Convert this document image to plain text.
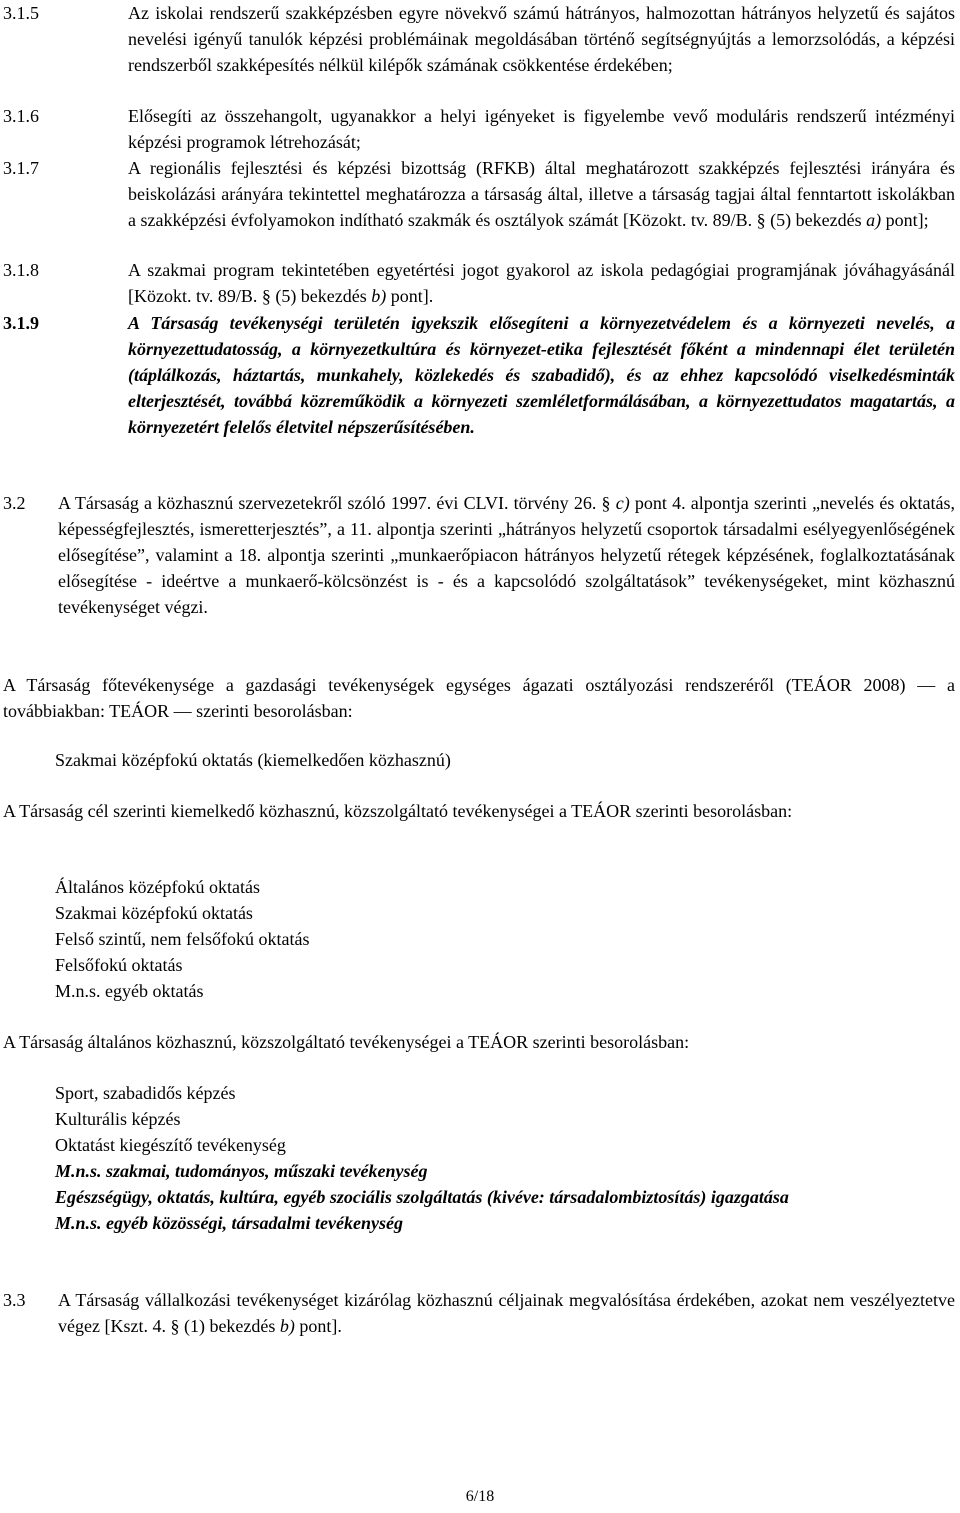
3.1.5	Az iskolai rendszerű szakképzésben egyre növekvő számú hátrányos, halmozottan hátrányos helyzetű és sajátos nevelési igényű tanulók képzési problémáinak megoldásában történő segítségnyújtás a lemorzsolódás, a képzési rendszerből szakképesítés nélkül kilépők számának csökkentése érdekében;
3.1.6	Elősegíti az összehangolt, ugyanakkor a helyi igényeket is figyelembe vevő moduláris rendszerű intézményi képzési programok létrehozását;
3.1.7	A regionális fejlesztési és képzési bizottság (RFKB) által meghatározott szakképzés fejlesztési irányára és beiskolázási arányára tekintettel meghatározza a társaság által, illetve a társaság tagjai által fenntartott iskolákban a szakképzési évfolyamokon indítható szakmák és osztályok számát [Közokt. tv. 89/B. § (5) bekezdés a) pont];
3.1.8	A szakmai program tekintetében egyetértési jogot gyakorol az iskola pedagógiai programjának jóváhagyásánál [Közokt. tv. 89/B. § (5) bekezdés b) pont].
3.1.9	A Társaság tevékenységi területén igyekszik elősegíteni a környezetvédelem és a környezeti nevelés, a környezettudatosság, a környezetkultúra és környezet-etika fejlesztését főként a mindennapi élet területén (táplálkozás, háztartás, munkahely, közlekedés és szabadidő), és az ehhez kapcsolódó viselkedésminták elterjesztését, továbbá közreműködik a környezeti szemléletformálásában, a környezettudatos magatartás, a környezetért felelős életvitel népszerűsítésében.
3.2 A Társaság a közhasznú szervezetekről szóló 1997. évi CLVI. törvény 26. § c) pont 4. alpontja szerinti „nevelés és oktatás, képességfejlesztés, ismeretterjesztés”, a 11. alpontja szerinti „hátrányos helyzetű csoportok társadalmi esélyegyenlőségének elősegítése”, valamint a 18. alpontja szerinti „munkaerőpiacon hátrányos helyzetű rétegek képzésének, foglalkoztatásának elősegítése - ideértve a munkaerő-kölcsönzést is - és a kapcsolódó szolgáltatások” tevékenységeket, mint közhasznú tevékenységet végzi.
A Társaság főtevékenysége a gazdasági tevékenységek egységes ágazati osztályozási rendszeréről (TEÁOR 2008) — a továbbiakban: TEÁOR — szerinti besorolásban:
Szakmai középfokú oktatás (kiemelkedően közhasznú)
A Társaság cél szerinti kiemelkedő közhasznú, közszolgáltató tevékenységei a TEÁOR szerinti besorolásban:
Általános középfokú oktatás
Szakmai középfokú oktatás
Felső szintű, nem felsőfokú oktatás
Felsőfokú oktatás
M.n.s. egyéb oktatás
A Társaság általános közhasznú, közszolgáltató tevékenységei a TEÁOR szerinti besorolásban:
Sport, szabadidős képzés
Kulturális képzés
Oktatást kiegészítő tevékenység
M.n.s. szakmai, tudományos, műszaki tevékenység
Egészségügy, oktatás, kultúra, egyéb szociális szolgáltatás (kivéve: társadalombiztosítás) igazgatása
M.n.s. egyéb közösségi, társadalmi tevékenység
3.3 A Társaság vállalkozási tevékenységet kizárólag közhasznú céljainak megvalósítása érdekében, azokat nem veszélyeztetve végez [Kszt. 4. § (1) bekezdés b) pont].
6/18
